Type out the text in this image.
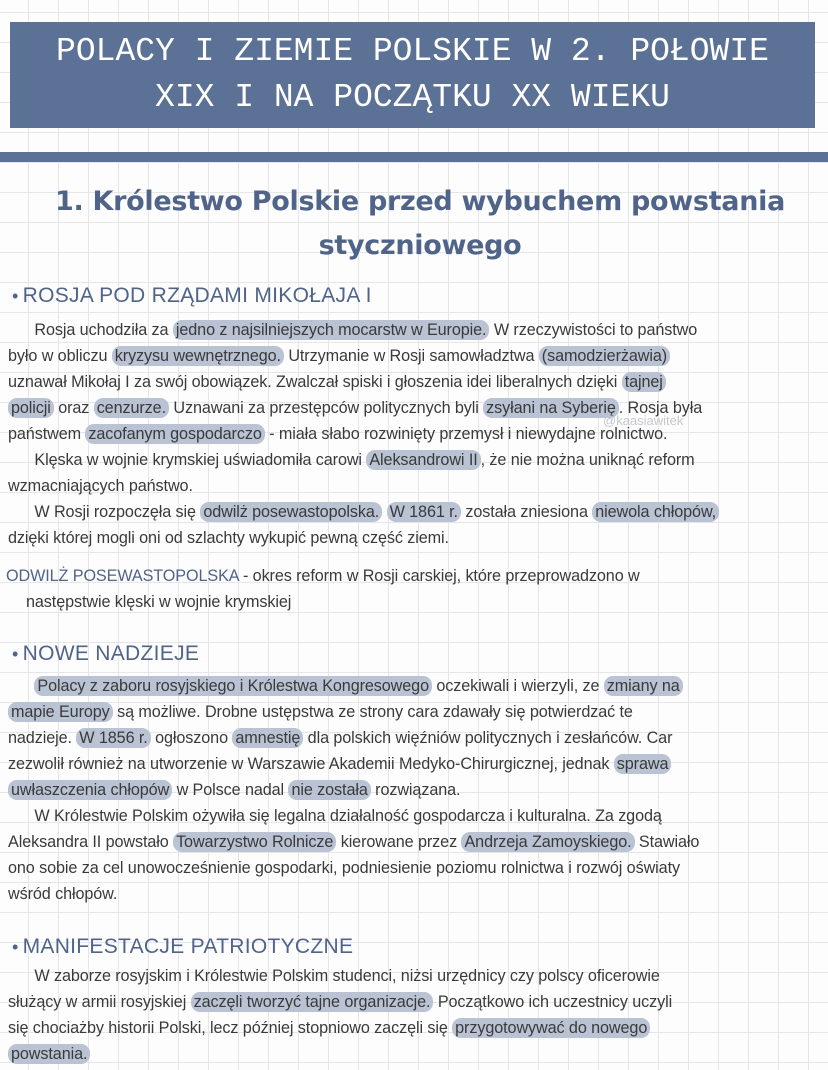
POLACY I ZIEMIE POLSKIE W 2. POŁOWIE
XIX I NA POCZĄTKU XX WIEKU
1. Królestwo Polskie przed wybuchem powstania
styczniowego
• ROSJA POD RZĄDAMI MIKOŁAJA I
Rosja uchodziła za jedno z najsilniejszych mocarstw w Europie. W rzeczywistości to państwo
było w obliczu kryzysu wewnętrznego. Utrzymanie w Rosji samowładztwa (samodzierżawia)
uznawał Mikołaj I za swój obowiązek. Zwalczał spiski i głoszenia idei liberalnych dzięki tajnej
policji oraz cenzurze. Uznawani za przestępców politycznych byli zsyłani na Syberię . Rosja była
państwem zacofanym gospodarczo - miała słabo rozwinięty przemysł i niewydajne rolnictwo.
Klęska w wojnie krymskiej uświadomiła carowi Aleksandrowi II , że nie można uniknąć reform
wzmacniających państwo.
W Rosji rozpoczęła się odwilż posewastopolska. W 1861 r. została zniesiona niewola chłopów,
dzięki której mogli oni od szlachty wykupić pewną część ziemi.
@kaasiawitek
ODWILŻ POSEWASTOPOLSKA - okres reform w Rosji carskiej, które przeprowadzono w
następstwie klęski w wojnie krymskiej
• NOWE NADZIEJE
Polacy z zaboru rosyjskiego i Królestwa Kongresowego oczekiwali i wierzyli, ze zmiany na
mapie Europy są możliwe. Drobne ustępstwa ze strony cara zdawały się potwierdzać te
nadzieje. W 1856 r. ogłoszono amnestię dla polskich więźniów politycznych i zesłańców. Car
zezwolił również na utworzenie w Warszawie Akademii Medyko-Chirurgicznej, jednak sprawa
uwłaszczenia chłopów w Polsce nadal nie została rozwiązana.
W Królestwie Polskim ożywiła się legalna działalność gospodarcza i kulturalna. Za zgodą
Aleksandra II powstało Towarzystwo Rolnicze kierowane przez Andrzeja Zamoyskiego. Stawiało
ono sobie za cel unowocześnienie gospodarki, podniesienie poziomu rolnictwa i rozwój oświaty
wśród chłopów.
• MANIFESTACJE PATRIOTYCZNE
W zaborze rosyjskim i Królestwie Polskim studenci, niżsi urzędnicy czy polscy oficerowie
służący w armii rosyjskiej zaczęli tworzyć tajne organizacje. Początkowo ich uczestnicy uczyli
się chociażby historii Polski, lecz później stopniowo zaczęli się przygotowywać do nowego
powstania.
